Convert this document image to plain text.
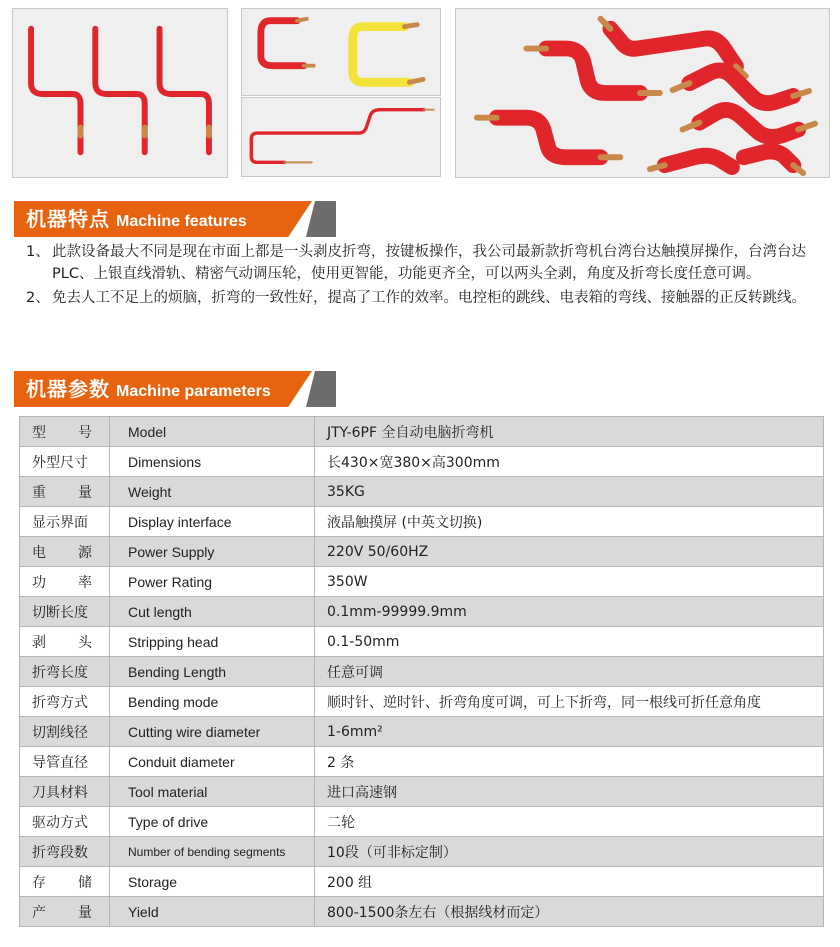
机器特点 Machine features

1、 此款设备最大不同是现在市面上都是一头剥皮折弯，按键板操作，我公司最新款折弯机台湾台达触摸屏操作，台湾台达PLC、上银直线滑轨、精密气动调压轮，使用更智能，功能更齐全，可以两头全剥，角度及折弯长度任意可调。

2、 免去人工不足上的烦脑，折弯的一致性好，提高了工作的效率。电控柜的跳线、电表箱的弯线、接触器的正反转跳线。

机器参数 Machine parameters
型 号	Model	JTY-6PF 全自动电脑折弯机
外型尺寸	Dimensions	长430×宽380×高300mm

重 量	Weight	35KG
显示界面	Display interface	液晶触摸屏 (中英文切换)

电 源	Power Supply	220V 50/60HZ

功 率	Power Rating	350W
切断长度	Cut length	0.1mm-99999.9mm

剥 头	Stripping head	0.1-50mm
折弯长度	Bending Length	任意可调
折弯方式	Bending mode	顺时针、逆时针、折弯角度可调，可上下折弯，同一根线可折任意角度
切割线径	Cutting wire diameter	1-6mm²
导管直径	Conduit diameter	2 条
刀具材料	Tool material	进口高速钢
驱动方式	Type of drive	二轮
折弯段数	Number of bending segments	10段（可非标定制）

存 储	Storage	200 组

产 量	Yield	800-1500条左右（根据线材而定）
